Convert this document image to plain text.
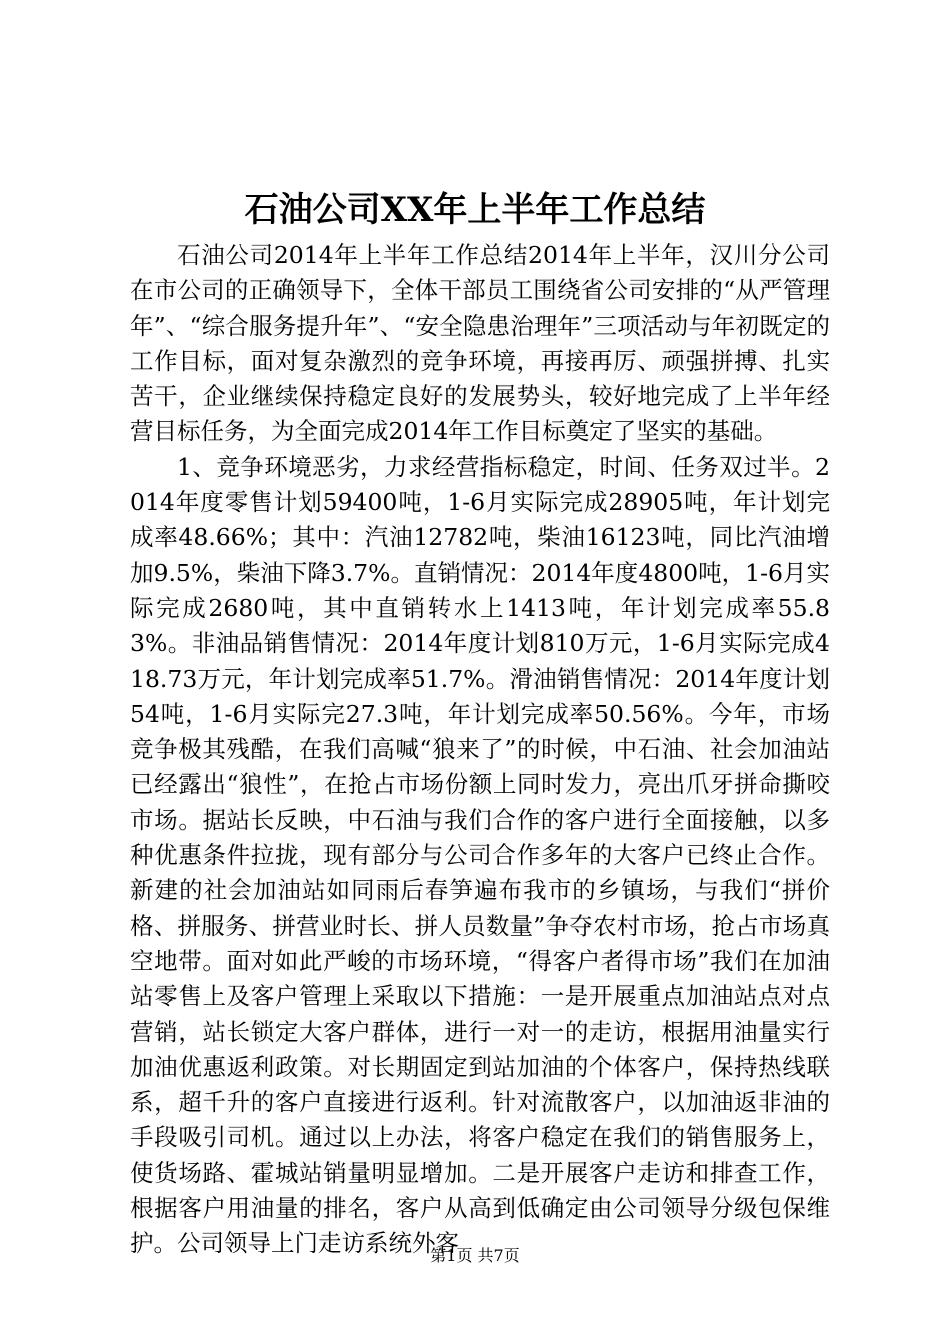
石油公司XX年上半年工作总结

石油公司2014年上半年工作总结2014年上半年，汉川分公司在市公司的正确领导下，全体干部员工围绕省公司安排的“从严管理年”、“综合服务提升年”、“安全隐患治理年”三项活动与年初既定的工作目标，面对复杂激烈的竞争环境，再接再厉、顽强拼搏、扎实苦干，企业继续保持稳定良好的发展势头，较好地完成了上半年经营目标任务，为全面完成2014年工作目标奠定了坚实的基础。

1、竞争环境恶劣，力求经营指标稳定，时间、任务双过半。2014年度零售计划59400吨，1-6月实际完成28905吨，年计划完成率48.66%；其中：汽油12782吨，柴油16123吨，同比汽油增加9.5%，柴油下降3.7%。直销情况：2014年度4800吨，1-6月实际完成2680吨，其中直销转水上1413吨，年计划完成率55.83%。非油品销售情况：2014年度计划810万元，1-6月实际完成418.73万元，年计划完成率51.7%。滑油销售情况：2014年度计划54吨，1-6月实际完27.3吨，年计划完成率50.56%。今年，市场竞争极其残酷，在我们高喊“狼来了”的时候，中石油、社会加油站已经露出“狼性”，在抢占市场份额上同时发力，亮出爪牙拼命撕咬市场。据站长反映，中石油与我们合作的客户进行全面接触，以多种优惠条件拉拢，现有部分与公司合作多年的大客户已终止合作。新建的社会加油站如同雨后春笋遍布我市的乡镇场，与我们“拼价格、拼服务、拼营业时长、拼人员数量”争夺农村市场，抢占市场真空地带。面对如此严峻的市场环境，“得客户者得市场”我们在加油站零售上及客户管理上采取以下措施：一是开展重点加油站点对点营销，站长锁定大客户群体，进行一对一的走访，根据用油量实行加油优惠返利政策。对长期固定到站加油的个体客户，保持热线联系，超千升的客户直接进行返利。针对流散客户，以加油返非油的手段吸引司机。通过以上办法，将客户稳定在我们的销售服务上，使货场路、霍城站销量明显增加。二是开展客户走访和排查工作，根据客户用油量的排名，客户从高到低确定由公司领导分级包保维护。公司领导上门走访系统外客

第1页 共7页
